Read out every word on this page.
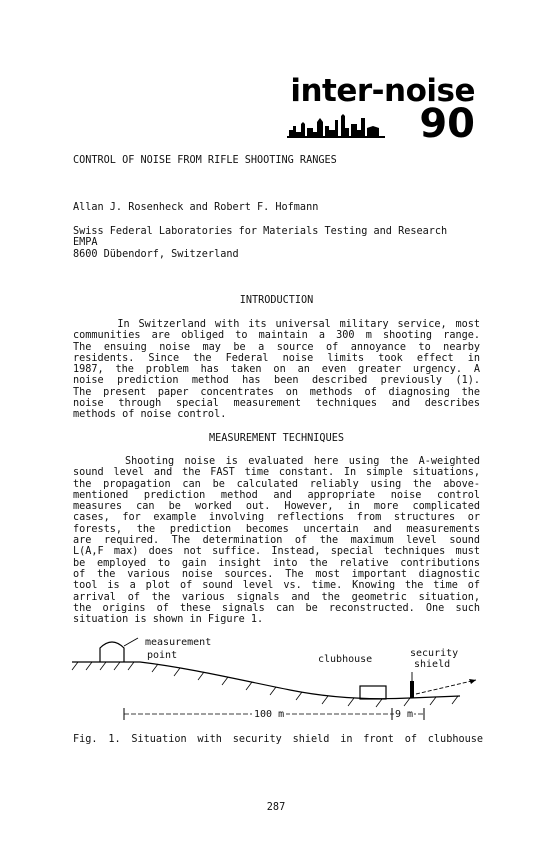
inter-noise
90
CONTROL OF NOISE FROM RIFLE SHOOTING RANGES
Allan J. Rosenheck and Robert F. Hofmann
Swiss Federal Laboratories for Materials Testing and Research
EMPA
8600 Dübendorf, Switzerland
INTRODUCTION
In Switzerland with its universal military service, most
communities are obliged to maintain a 300 m shooting range.
The ensuing noise may be a source of annoyance to nearby
residents. Since the Federal noise limits took effect in
1987, the problem has taken on an even greater urgency. A
noise prediction method has been described previously (1).
The present paper concentrates on methods of diagnosing the
noise through special measurement techniques and describes
methods of noise control.
MEASUREMENT TECHNIQUES
Shooting noise is evaluated here using the A-weighted
sound level and the FAST time constant. In simple situations,
the propagation can be calculated reliably using the above-
mentioned prediction method and appropriate noise control
measures can be worked out. However, in more complicated
cases, for example involving reflections from structures or
forests, the prediction becomes uncertain and measurements
are required. The determination of the maximum level sound
L(A,F max) does not suffice. Instead, special techniques must
be employed to gain insight into the relative contributions
of the various noise sources. The most important diagnostic
tool is a plot of sound level vs. time. Knowing the time of
arrival of the various signals and the geometric situation,
the origins of these signals can be reconstructed. One such
situation is shown in Figure 1.
measurement
point	clubhouse
security
shield
100 m	9 m
Fig. 1. Situation with security shield in front of clubhouse
287
